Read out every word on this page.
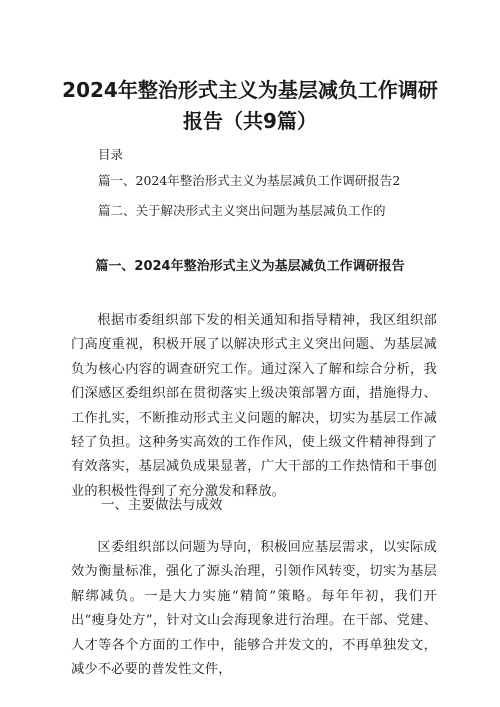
2024年整治形式主义为基层减负工作调研
报告（共9篇）
目录
篇一、2024年整治形式主义为基层减负工作调研报告2
篇二、关于解决形式主义突出问题为基层减负工作的
篇一、2024年整治形式主义为基层减负工作调研报告
根据市委组织部下发的相关通知和指导精神，我区组织部门高度重视，积极开展了以解决形式主义突出问题、为基层减负为核心内容的调查研究工作。通过深入了解和综合分析，我们深感区委组织部在贯彻落实上级决策部署方面，措施得力、工作扎实，不断推动形式主义问题的解决，切实为基层工作减轻了负担。这种务实高效的工作作风，使上级文件精神得到了有效落实，基层减负成果显著，广大干部的工作热情和干事创业的积极性得到了充分激发和释放。
一、主要做法与成效
区委组织部以问题为导向，积极回应基层需求，以实际成效为衡量标准，强化了源头治理，引领作风转变，切实为基层解绑减负。一是大力实施“精简”策略。每年年初，我们开出“瘦身处方”，针对文山会海现象进行治理。在干部、党建、人才等各个方面的工作中，能够合并发文的，不再单独发文，减少不必要的普发性文件，
